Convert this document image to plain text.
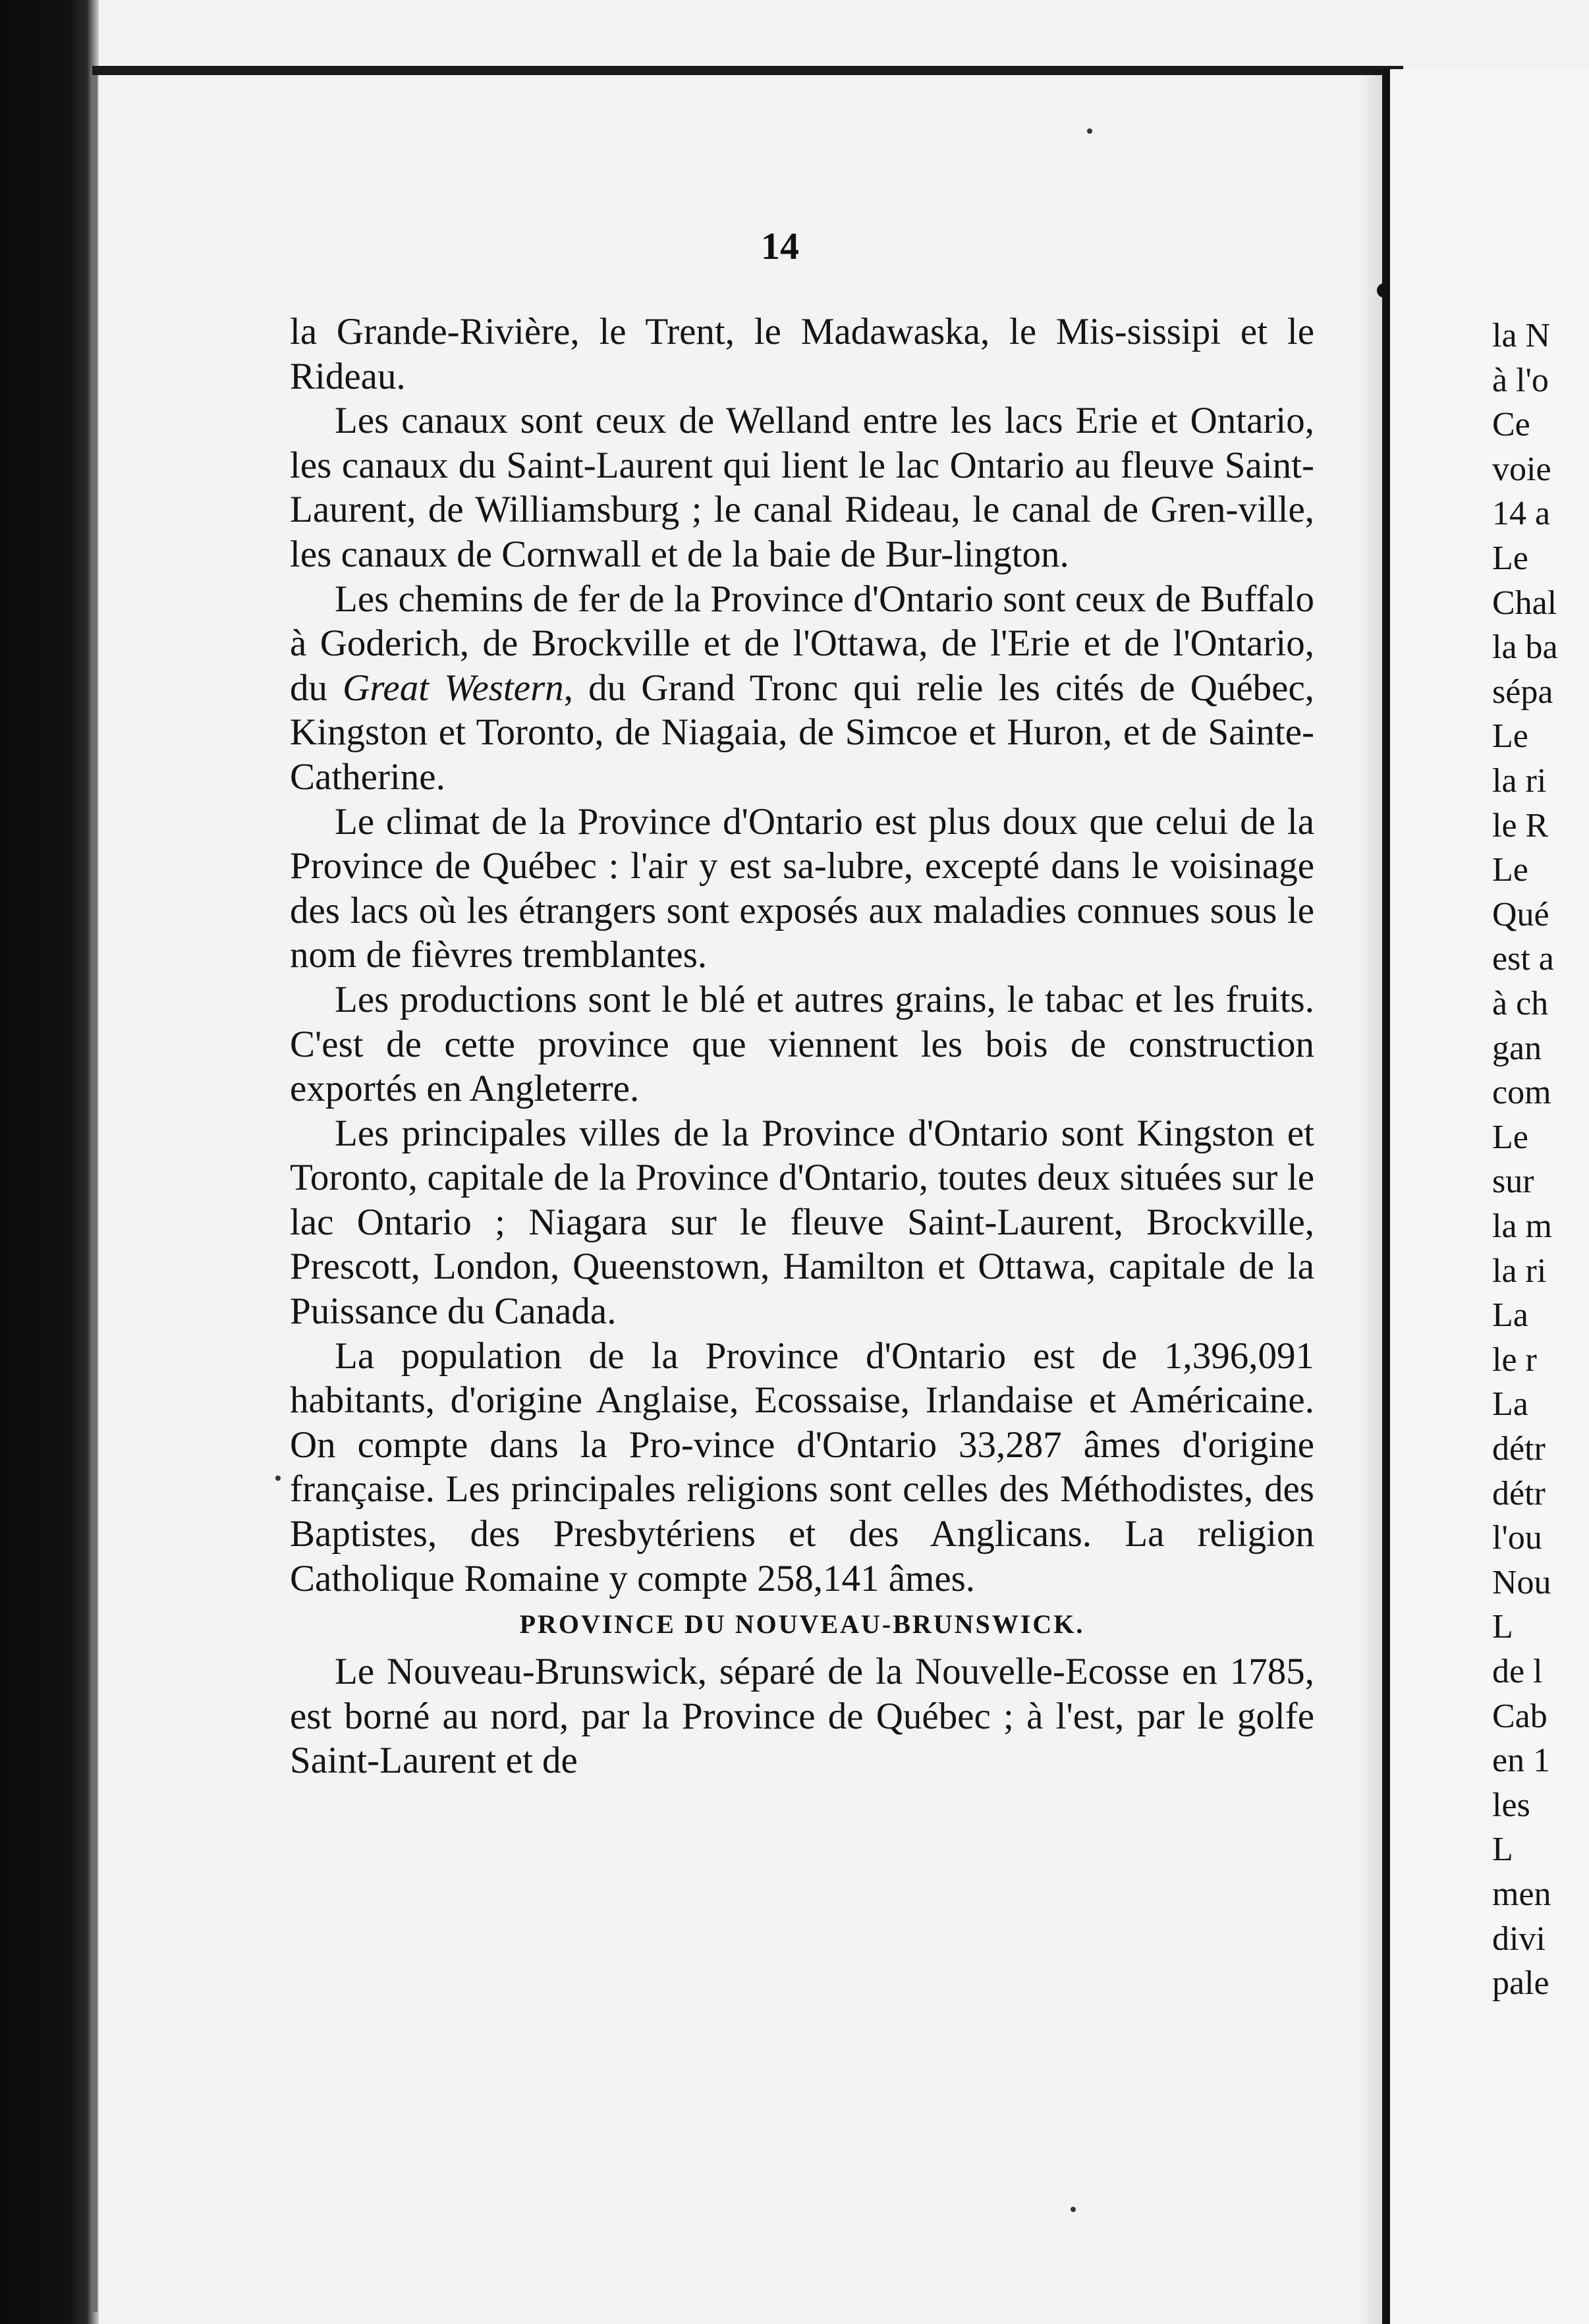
14

la Grande-Rivière, le Trent, le Madawaska, le Mis-sissipi et le Rideau.

Les canaux sont ceux de Welland entre les lacs Erie et Ontario, les canaux du Saint-Laurent qui lient le lac Ontario au fleuve Saint-Laurent, de Williamsburg ; le canal Rideau, le canal de Gren-ville, les canaux de Cornwall et de la baie de Bur-lington.

Les chemins de fer de la Province d'Ontario sont ceux de Buffalo à Goderich, de Brockville et de l'Ottawa, de l'Erie et de l'Ontario, du Great Western, du Grand Tronc qui relie les cités de Québec, Kingston et Toronto, de Niagaia, de Simcoe et Huron, et de Sainte-Catherine.

Le climat de la Province d'Ontario est plus doux que celui de la Province de Québec : l'air y est sa-lubre, excepté dans le voisinage des lacs où les étrangers sont exposés aux maladies connues sous le nom de fièvres tremblantes.

Les productions sont le blé et autres grains, le tabac et les fruits. C'est de cette province que viennent les bois de construction exportés en Angleterre.

Les principales villes de la Province d'Ontario sont Kingston et Toronto, capitale de la Province d'Ontario, toutes deux situées sur le lac Ontario ; Niagara sur le fleuve Saint-Laurent, Brockville, Prescott, London, Queenstown, Hamilton et Ottawa, capitale de la Puissance du Canada.

La population de la Province d'Ontario est de 1,396,091 habitants, d'origine Anglaise, Ecossaise, Irlandaise et Américaine. On compte dans la Pro-vince d'Ontario 33,287 âmes d'origine française. Les principales religions sont celles des Méthodistes, des Baptistes, des Presbytériens et des Anglicans. La religion Catholique Romaine y compte 258,141 âmes.

PROVINCE DU NOUVEAU-BRUNSWICK.

Le Nouveau-Brunswick, séparé de la Nouvelle-Ecosse en 1785, est borné au nord, par la Province de Québec ; à l'est, par le golfe Saint-Laurent et de

la N
à l'o
Ce
voie
14 a
Le
Chal
la ba
sépa
Le
la ri
le R
Le
Qué
est a
à ch
gan
com
Le
sur
la m
la ri
La
le r
La
détr
détr
l'ou
Nou
L
de l
Cab
en 1
les
L
men
divi
pale
